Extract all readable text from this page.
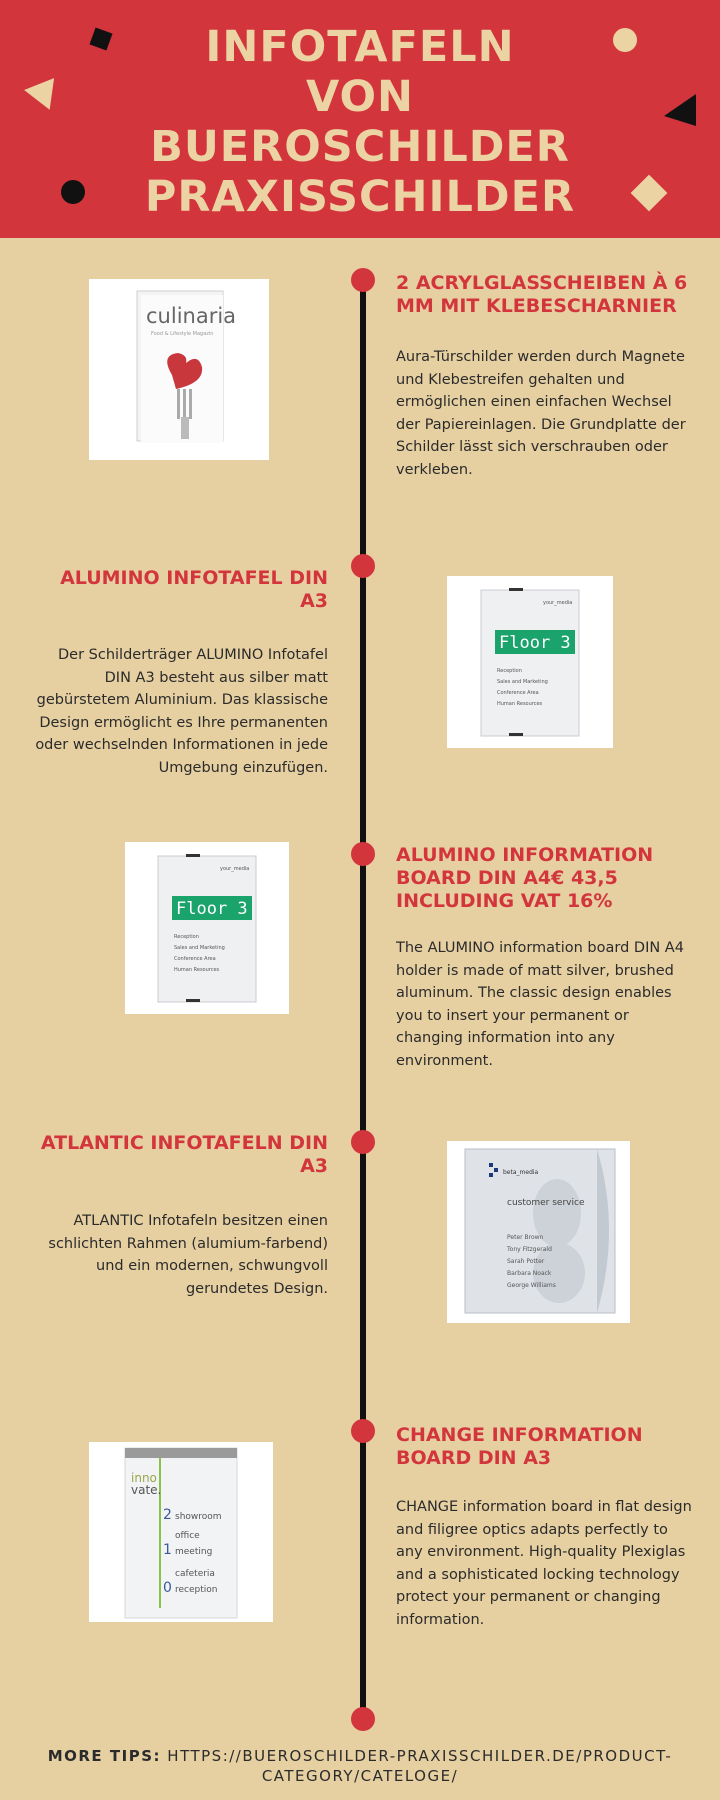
INFOTAFELN
VON
BUEROSCHILDER
PRAXISSCHILDER
culinaria
Food & Lifestyle Magazin
2 ACRYLGLASSCHEIBEN À 6 MM MIT KLEBESCHARNIER
Aura-Türschilder werden durch Magnete und Klebestreifen gehalten und ermöglichen einen einfachen Wechsel der Papiereinlagen. Die Grundplatte der Schilder lässt sich verschrauben oder verkleben.
ALUMINO INFOTAFEL DIN A3
Der Schilderträger ALUMINO Infotafel DIN A3 besteht aus silber matt gebürstetem Aluminium. Das klassische Design ermöglicht es Ihre permanenten oder wechselnden Informationen in jede Umgebung einzufügen.
your_media
Floor 3
Reception
Sales and Marketing
Conference Area
Human Resources
your_media
Floor 3
Reception
Sales and Marketing
Conference Area
Human Resources
ALUMINO INFORMATION BOARD DIN A4€ 43,5 INCLUDING VAT 16%
The ALUMINO information board DIN A4 holder is made of matt silver, brushed aluminum. The classic design enables you to insert your permanent or changing information into any environment.
ATLANTIC INFOTAFELN DIN A3
ATLANTIC Infotafeln besitzen einen schlichten Rahmen (alumium-farbend) und ein modernen, schwungvoll gerundetes Design.
beta_media
customer service
Peter Brown
Tony Fitzgerald
Sarah Potter
Barbara Noack
George Williams
inno
vate.
2 showroom
office
1 meeting
cafeteria
0 reception
CHANGE INFORMATION BOARD DIN A3
CHANGE information board in flat design and filigree optics adapts perfectly to any environment. High-quality Plexiglas and a sophisticated locking technology protect your permanent or changing information.
MORE TIPS: HTTPS://BUEROSCHILDER-PRAXISSCHILDER.DE/PRODUCT-CATEGORY/CATELOGE/
